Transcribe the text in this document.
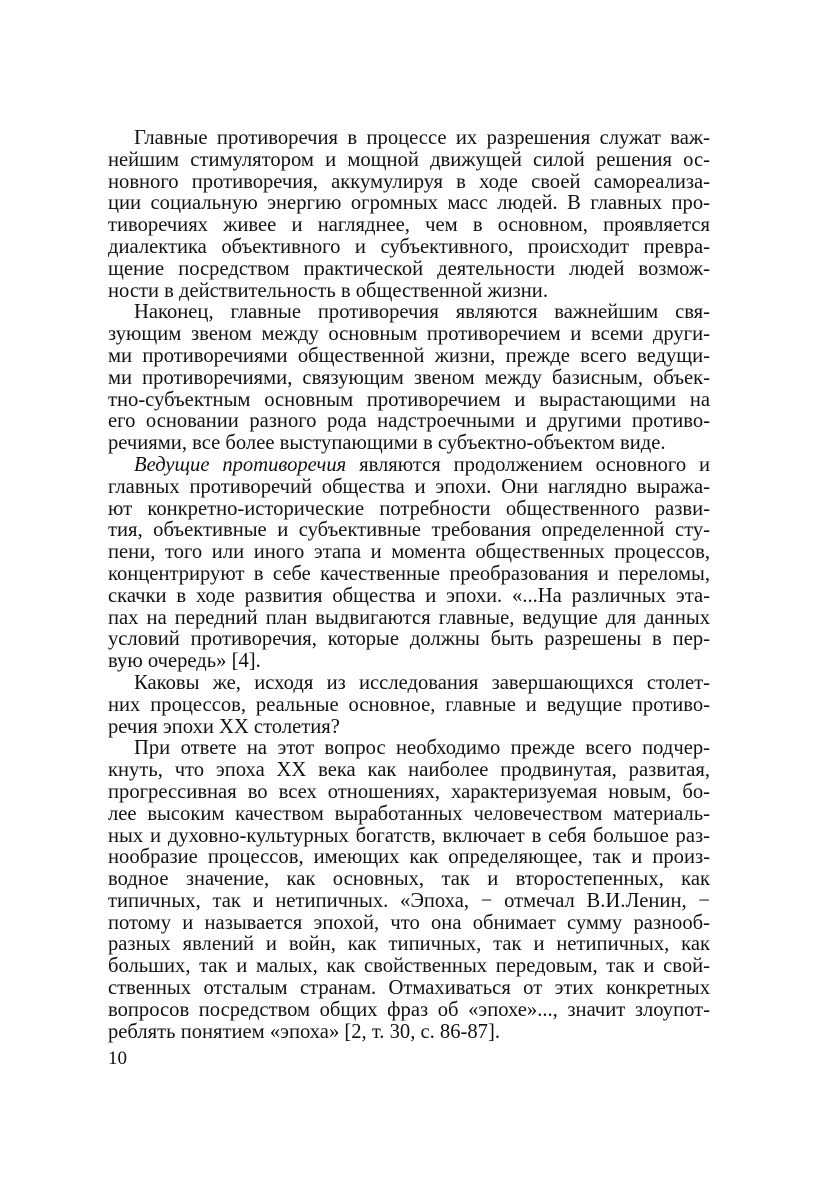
Главные противоречия в процессе их разрешения служат важ-
нейшим стимулятором и мощной движущей силой решения ос-
новного противоречия, аккумулируя в ходе своей самореализа-
ции социальную энергию огромных масс людей. В главных про-
тиворечиях живее и нагляднее, чем в основном, проявляется
диалектика объективного и субъективного, происходит превра-
щение посредством практической деятельности людей возмож-
ности в действительность в общественной жизни.
Наконец, главные противоречия являются важнейшим свя-
зующим звеном между основным противоречием и всеми други-
ми противоречиями общественной жизни, прежде всего ведущи-
ми противоречиями, связующим звеном между базисным, объек-
тно-субъектным основным противоречием и вырастающими на
его основании разного рода надстроечными и другими противо-
речиями, все более выступающими в субъектно-объектом виде.
Ведущие противоречия являются продолжением основного и
главных противоречий общества и эпохи. Они наглядно выража-
ют конкретно-исторические потребности общественного разви-
тия, объективные и субъективные требования определенной сту-
пени, того или иного этапа и момента общественных процессов,
концентрируют в себе качественные преобразования и переломы,
скачки в ходе развития общества и эпохи. «...На различных эта-
пах на передний план выдвигаются главные, ведущие для данных
условий противоречия, которые должны быть разрешены в пер-
вую очередь» [4].
Каковы же, исходя из исследования завершающихся столет-
них процессов, реальные основное, главные и ведущие противо-
речия эпохи XX столетия?
При ответе на этот вопрос необходимо прежде всего подчер-
кнуть, что эпоха XX века как наиболее продвинутая, развитая,
прогрессивная во всех отношениях, характеризуемая новым, бо-
лее высоким качеством выработанных человечеством материаль-
ных и духовно-культурных богатств, включает в себя большое раз-
нообразие процессов, имеющих как определяющее, так и произ-
водное значение, как основных, так и второстепенных, как
типичных, так и нетипичных. «Эпоха, − отмечал В.И.Ленин, −
потому и называется эпохой, что она обнимает сумму разнооб-
разных явлений и войн, как типичных, так и нетипичных, как
больших, так и малых, как свойственных передовым, так и свой-
ственных отсталым странам. Отмахиваться от этих конкретных
вопросов посредством общих фраз об «эпохе»..., значит злоупот-
реблять понятием «эпоха» [2, т. 30, с. 86-87].
10
